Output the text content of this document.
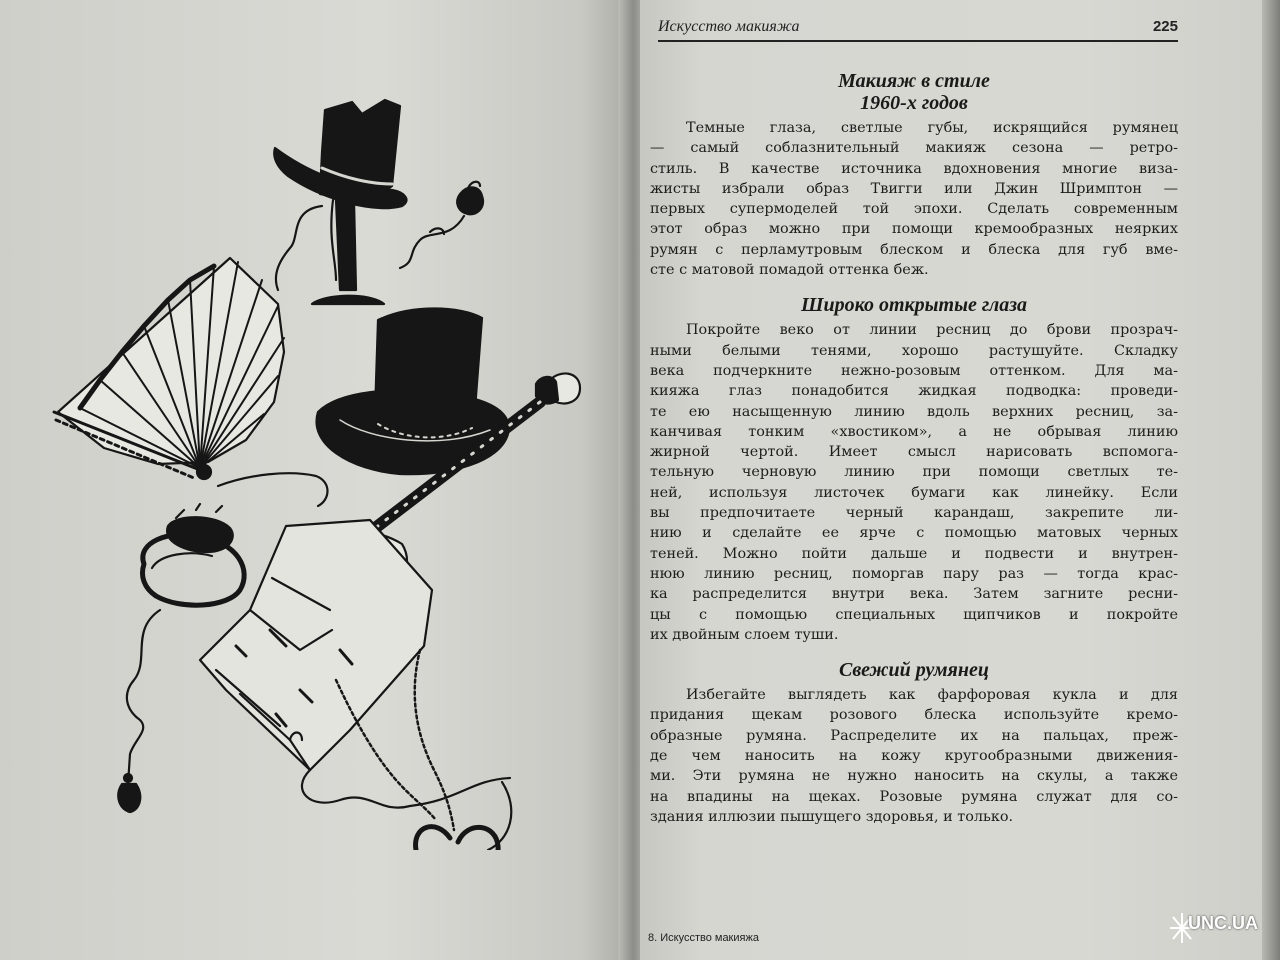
Искусство макияжа	225
Макияж в стиле
1960-х годов
Темные глаза, светлые губы, искрящийся румянец
— самый соблазнительный макияж сезона — ретро-
стиль. В качестве источника вдохновения многие виза-
жисты избрали образ Твигги или Джин Шримптон —
первых супермоделей той эпохи. Сделать современным
этот образ можно при помощи кремообразных неярких
румян с перламутровым блеском и блеска для губ вме-
сте с матовой помадой оттенка беж.
Широко открытые глаза
Покройте веко от линии ресниц до брови прозрач-
ными белыми тенями, хорошо растушуйте. Складку
века подчеркните нежно-розовым оттенком. Для ма-
кияжа глаз понадобится жидкая подводка: проведи-
те ею насыщенную линию вдоль верхних ресниц, за-
канчивая тонким «хвостиком», а не обрывая линию
жирной чертой. Имеет смысл нарисовать вспомога-
тельную черновую линию при помощи светлых те-
ней, используя листочек бумаги как линейку. Если
вы предпочитаете черный карандаш, закрепите ли-
нию и сделайте ее ярче с помощью матовых черных
теней. Можно пойти дальше и подвести и внутрен-
нюю линию ресниц, поморгав пару раз — тогда крас-
ка распределится внутри века. Затем загните ресни-
цы с помощью специальных щипчиков и покройте
их двойным слоем туши.
Свежий румянец
Избегайте выглядеть как фарфоровая кукла и для
придания щекам розового блеска используйте кремо-
образные румяна. Распределите их на пальцах, преж-
де чем наносить на кожу кругообразными движения-
ми. Эти румяна не нужно наносить на скулы, а также
на впадины на щеках. Розовые румяна служат для со-
здания иллюзии пышущего здоровья, и только.
8. Искусство макияжа
UNC.UA
